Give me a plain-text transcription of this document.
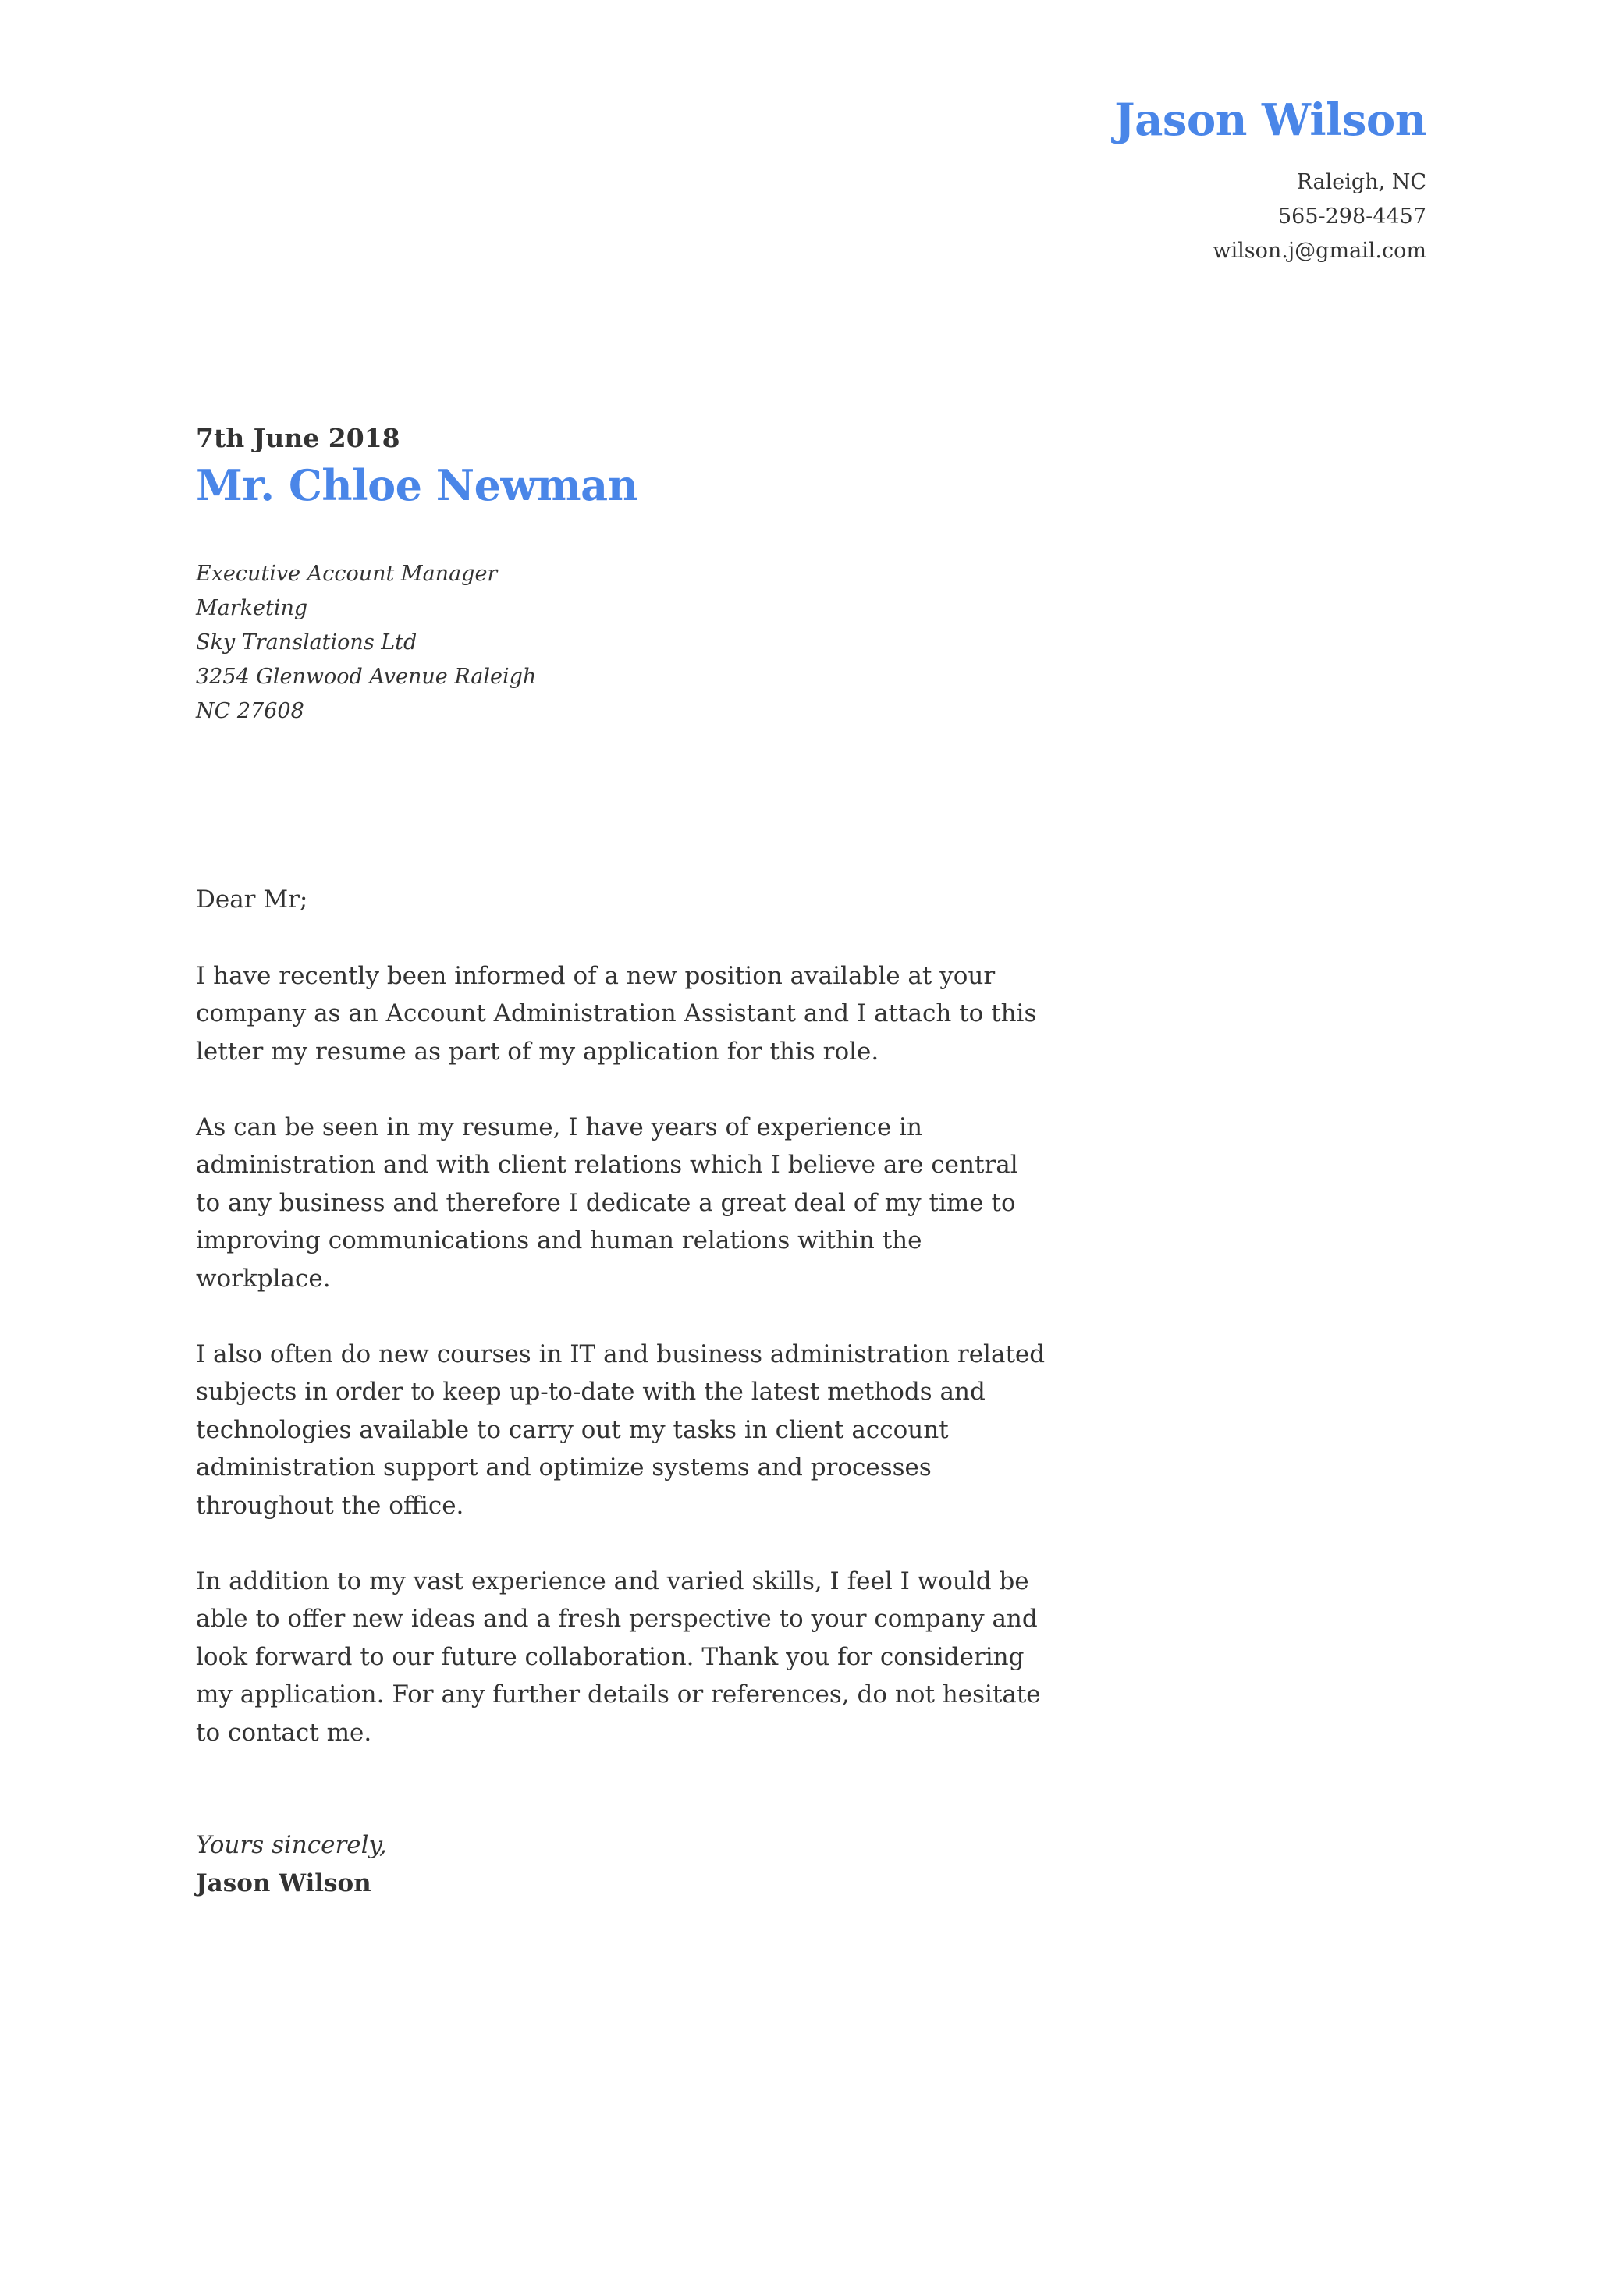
Jason Wilson
Raleigh, NC
565-298-4457
wilson.j@gmail.com
7th June 2018
Mr. Chloe Newman
Executive Account Manager
Marketing
Sky Translations Ltd
3254 Glenwood Avenue Raleigh
NC 27608

Dear Mr;

I have recently been informed of a new position available at your company as an Account Administration Assistant and I attach to this letter my resume as part of my application for this role.

As can be seen in my resume, I have years of experience in administration and with client relations which I believe are central to any business and therefore I dedicate a great deal of my time to improving communications and human relations within the workplace.

I also often do new courses in IT and business administration related subjects in order to keep up-to-date with the latest methods and technologies available to carry out my tasks in client account administration support and optimize systems and processes throughout the office.

In addition to my vast experience and varied skills, I feel I would be able to offer new ideas and a fresh perspective to your company and look forward to our future collaboration. Thank you for considering my application. For any further details or references, do not hesitate to contact me.

Yours sincerely,
Jason Wilson
